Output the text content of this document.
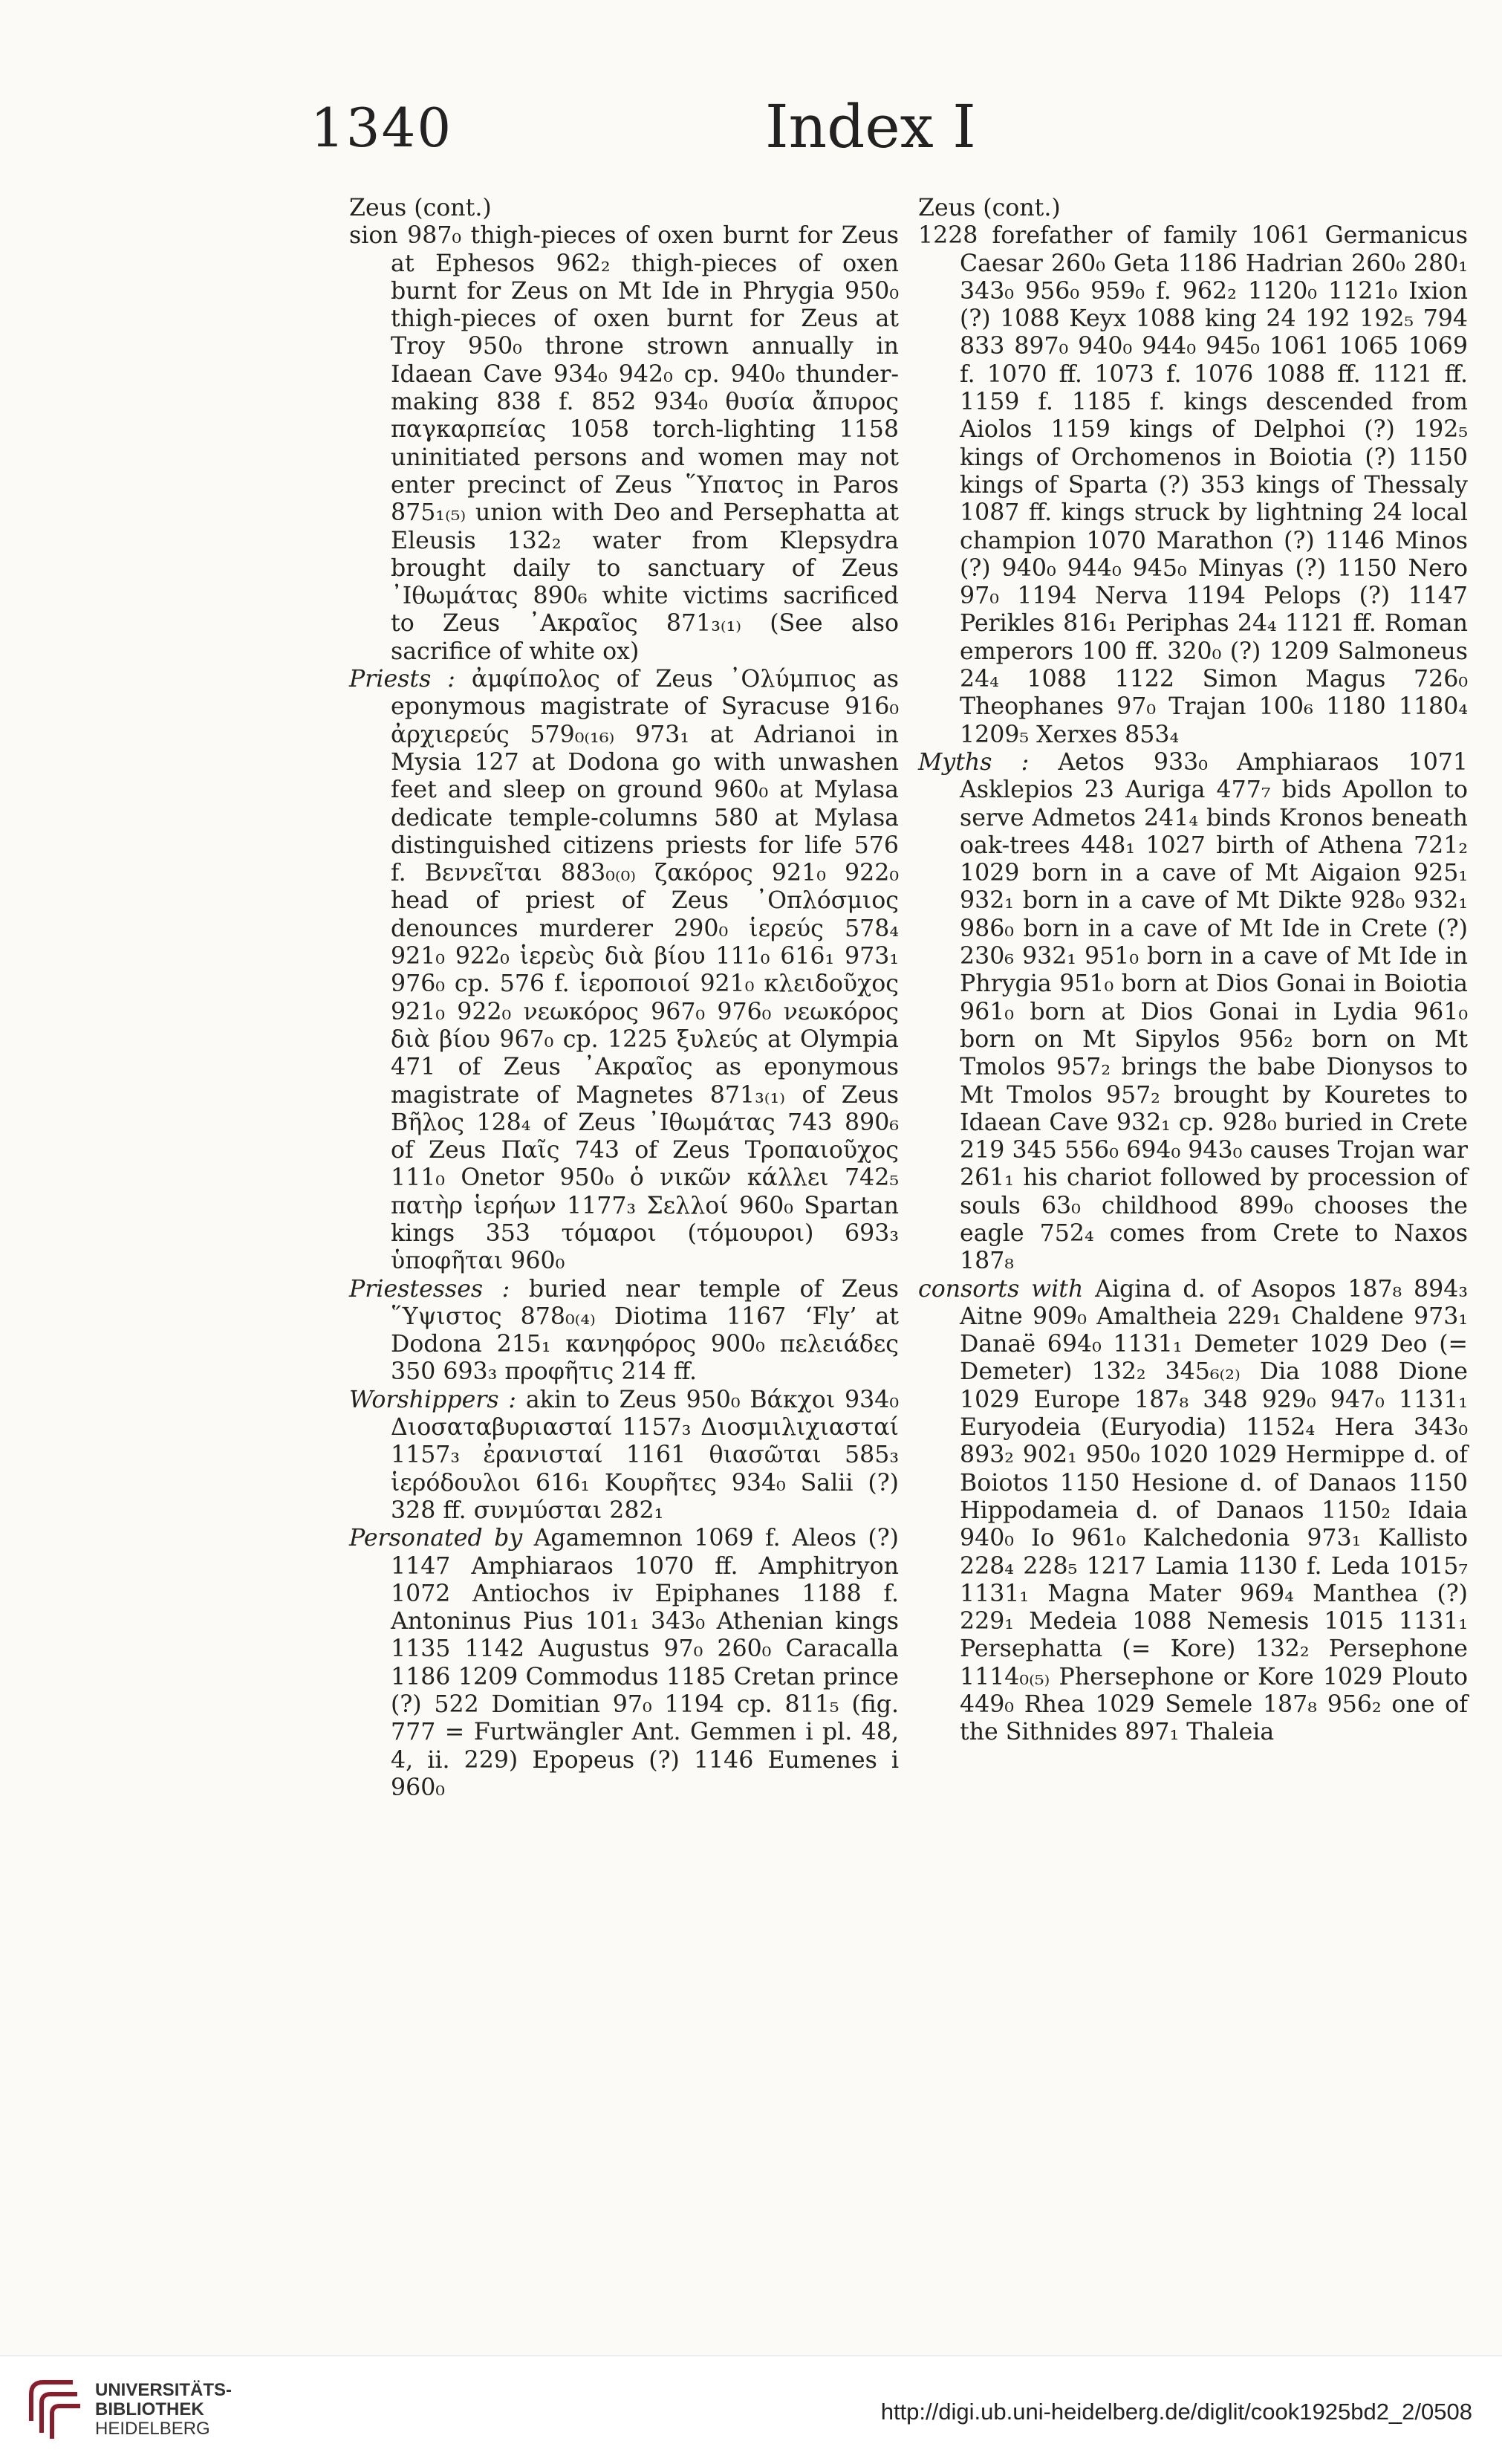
1340	Index I

Zeus (cont.)

sion 987₀ thigh-pieces of oxen burnt for Zeus at Ephesos 962₂ thigh-pieces of oxen burnt for Zeus on Mt Ide in Phrygia 950₀ thigh-pieces of oxen burnt for Zeus at Troy 950₀ throne strown annually in Idaean Cave 934₀ 942₀ cp. 940₀ thunder-making 838 f. 852 934₀ θυσία ἄπυρος παγκαρπείας 1058 torch-lighting 1158 uninitiated persons and women may not enter precinct of Zeus ῞Υπατος in Paros 875₁₍₅₎ union with Deo and Persephatta at Eleusis 132₂ water from Klepsydra brought daily to sanctuary of Zeus ᾿Ιθωμάτας 890₆ white victims sacrificed to Zeus ᾿Ακραῖος 871₃₍₁₎ (See also sacrifice of white ox)

Priests : ἀμφίπολος of Zeus ᾿Ολύμπιος as eponymous magistrate of Syracuse 916₀ ἀρχιερεύς 579₀₍₁₆₎ 973₁ at Adrianoi in Mysia 127 at Dodona go with unwashen feet and sleep on ground 960₀ at Mylasa dedicate temple-columns 580 at Mylasa distinguished citizens priests for life 576 f. Βεννεῖται 883₀₍₀₎ ζακόρος 921₀ 922₀ head of priest of Zeus ᾿Οπλόσμιος denounces murderer 290₀ ἱερεύς 578₄ 921₀ 922₀ ἱερεὺς διὰ βίου 111₀ 616₁ 973₁ 976₀ cp. 576 f. ἱεροποιοί 921₀ κλειδοῦχος 921₀ 922₀ νεωκόρος 967₀ 976₀ νεωκόρος διὰ βίου 967₀ cp. 1225 ξυλεύς at Olympia 471 of Zeus ᾿Ακραῖος as eponymous magistrate of Magnetes 871₃₍₁₎ of Zeus Βῆλος 128₄ of Zeus ᾿Ιθωμάτας 743 890₆ of Zeus Παῖς 743 of Zeus Τροπαιοῦχος 111₀ Onetor 950₀ ὁ νικῶν κάλλει 742₅ πατὴρ ἱερήων 1177₃ Σελλοί 960₀ Spartan kings 353 τόμαροι (τόμουροι) 693₃ ὑποφῆται 960₀

Priestesses : buried near temple of Zeus ῞Υψιστος 878₀₍₄₎ Diotima 1167 ‘Fly’ at Dodona 215₁ κανηφόρος 900₀ πελειάδες 350 693₃ προφῆτις 214 ff.

Worshippers : akin to Zeus 950₀ Βάκχοι 934₀ Διοσαταβυριασταί 1157₃ Διοσμιλιχιασταί 1157₃ ἐρανισταί 1161 θιασῶται 585₃ ἱερόδουλοι 616₁ Κουρῆτες 934₀ Salii (?) 328 ff. συνμύσται 282₁

Personated by Agamemnon 1069 f. Aleos (?) 1147 Amphiaraos 1070 ff. Amphitryon 1072 Antiochos iv Epiphanes 1188 f. Antoninus Pius 101₁ 343₀ Athenian kings 1135 1142 Augustus 97₀ 260₀ Caracalla 1186 1209 Commodus 1185 Cretan prince (?) 522 Domitian 97₀ 1194 cp. 811₅ (fig. 777 = Furtwängler Ant. Gemmen i pl. 48, 4, ii. 229) Epopeus (?) 1146 Eumenes i 960₀

Zeus (cont.)

1228 forefather of family 1061 Germanicus Caesar 260₀ Geta 1186 Hadrian 260₀ 280₁ 343₀ 956₀ 959₀ f. 962₂ 1120₀ 1121₀ Ixion (?) 1088 Keyx 1088 king 24 192 192₅ 794 833 897₀ 940₀ 944₀ 945₀ 1061 1065 1069 f. 1070 ff. 1073 f. 1076 1088 ff. 1121 ff. 1159 f. 1185 f. kings descended from Aiolos 1159 kings of Delphoi (?) 192₅ kings of Orchomenos in Boiotia (?) 1150 kings of Sparta (?) 353 kings of Thessaly 1087 ff. kings struck by lightning 24 local champion 1070 Marathon (?) 1146 Minos (?) 940₀ 944₀ 945₀ Minyas (?) 1150 Nero 97₀ 1194 Nerva 1194 Pelops (?) 1147 Perikles 816₁ Periphas 24₄ 1121 ff. Roman emperors 100 ff. 320₀ (?) 1209 Salmoneus 24₄ 1088 1122 Simon Magus 726₀ Theophanes 97₀ Trajan 100₆ 1180 1180₄ 1209₅ Xerxes 853₄

Myths : Aetos 933₀ Amphiaraos 1071 Asklepios 23 Auriga 477₇ bids Apollon to serve Admetos 241₄ binds Kronos beneath oak-trees 448₁ 1027 birth of Athena 721₂ 1029 born in a cave of Mt Aigaion 925₁ 932₁ born in a cave of Mt Dikte 928₀ 932₁ 986₀ born in a cave of Mt Ide in Crete (?) 230₆ 932₁ 951₀ born in a cave of Mt Ide in Phrygia 951₀ born at Dios Gonai in Boiotia 961₀ born at Dios Gonai in Lydia 961₀ born on Mt Sipylos 956₂ born on Mt Tmolos 957₂ brings the babe Dionysos to Mt Tmolos 957₂ brought by Kouretes to Idaean Cave 932₁ cp. 928₀ buried in Crete 219 345 556₀ 694₀ 943₀ causes Trojan war 261₁ his chariot followed by procession of souls 63₀ childhood 899₀ chooses the eagle 752₄ comes from Crete to Naxos 187₈

consorts with Aigina d. of Asopos 187₈ 894₃ Aitne 909₀ Amaltheia 229₁ Chaldene 973₁ Danaë 694₀ 1131₁ Demeter 1029 Deo (= Demeter) 132₂ 345₆₍₂₎ Dia 1088 Dione 1029 Europe 187₈ 348 929₀ 947₀ 1131₁ Euryodeia (Euryodia) 1152₄ Hera 343₀ 893₂ 902₁ 950₀ 1020 1029 Hermippe d. of Boiotos 1150 Hesione d. of Danaos 1150 Hippodameia d. of Danaos 1150₂ Idaia 940₀ Io 961₀ Kalchedonia 973₁ Kallisto 228₄ 228₅ 1217 Lamia 1130 f. Leda 1015₇ 1131₁ Magna Mater 969₄ Manthea (?) 229₁ Medeia 1088 Nemesis 1015 1131₁ Persephatta (= Kore) 132₂ Persephone 1114₀₍₅₎ Phersephone or Kore 1029 Plouto 449₀ Rhea 1029 Semele 187₈ 956₂ one of the Sithnides 897₁ Thaleia

UNIVERSITÄTS-
BIBLIOTHEK
HEIDELBERG
http://digi.ub.uni-heidelberg.de/diglit/cook1925bd2_2/0508
